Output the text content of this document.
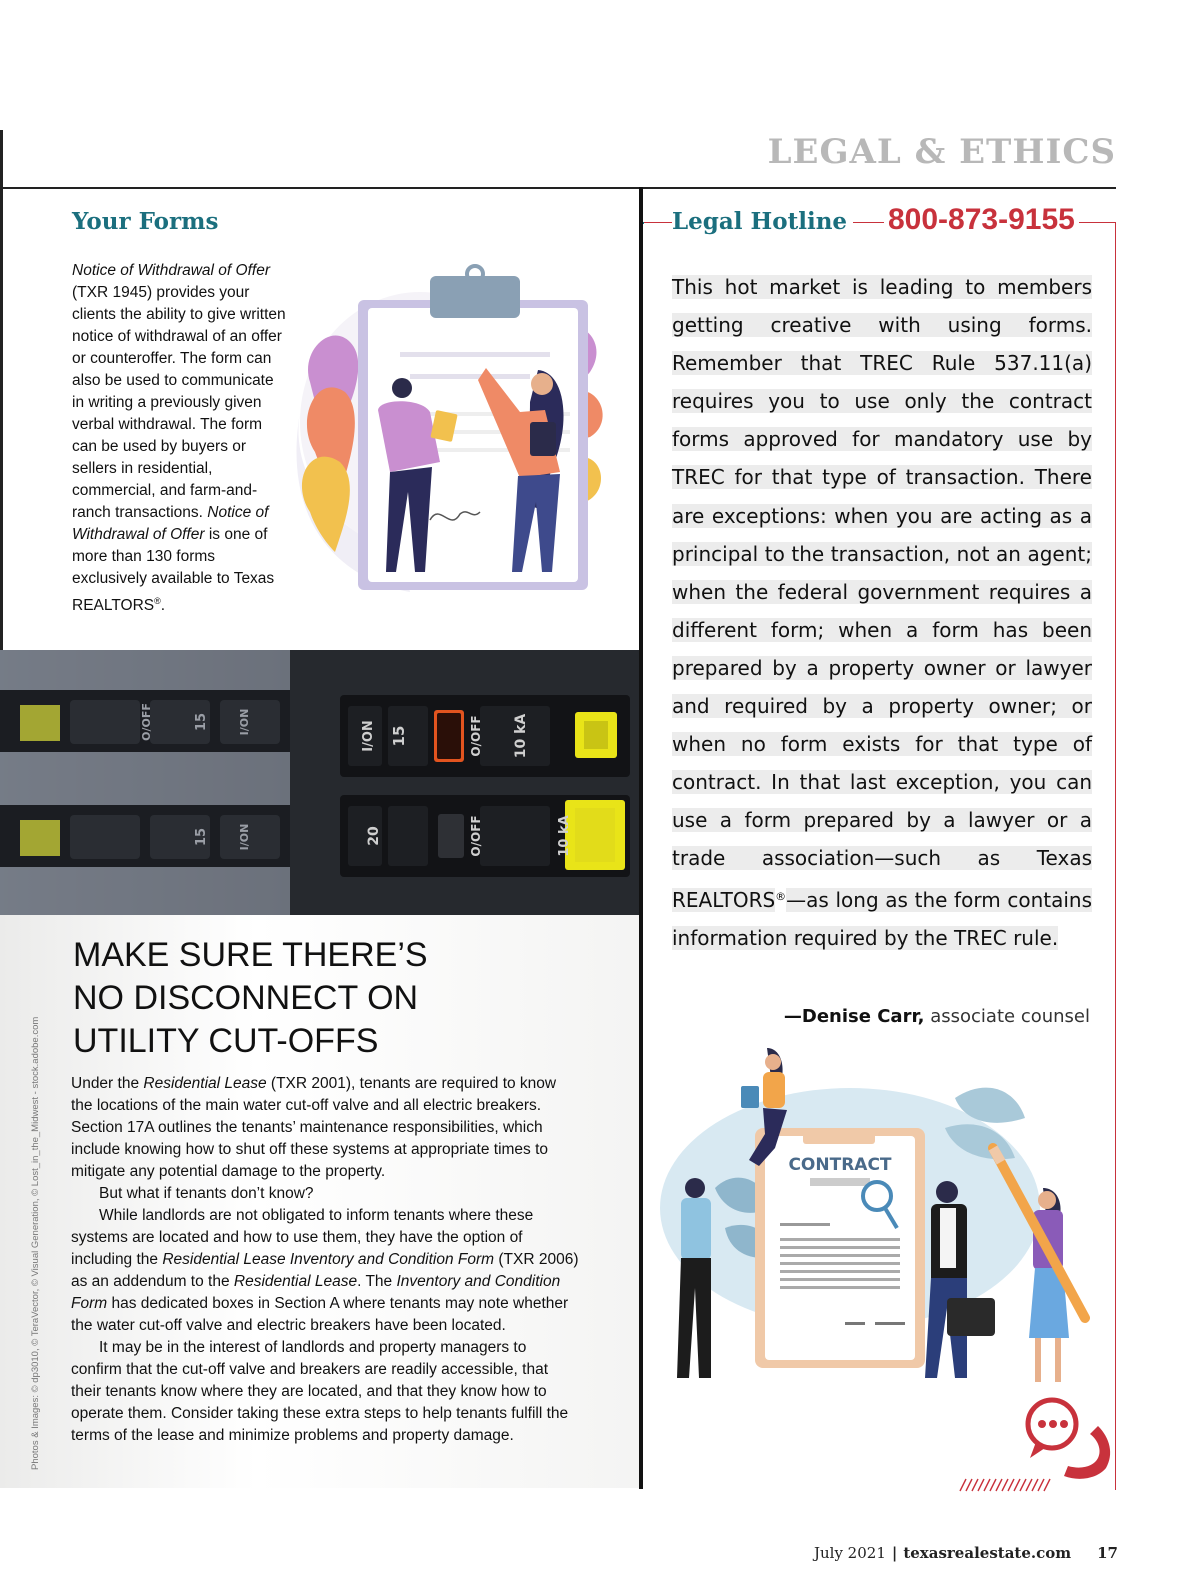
LEGAL & ETHICS
Your Forms
Notice of Withdrawal of Offer (TXR 1945) provides your clients the ability to give written notice of withdrawal of an offer or counteroffer. The form can also be used to communicate in writing a previously given verbal withdrawal. The form can be used by buyers or sellers in residential, commercial, and farm-and-ranch transactions. Notice of Withdrawal of Offer is one of more than 130 forms exclusively available to Texas REALTORS®.
I/ON 15	O/OFF 10 kA
20	O/OFF	10 kA
15
15
I/ON
O/OFF
I/ON
MAKE SURE THERE’S NO DISCONNECT ON UTILITY CUT-OFFS

Under the Residential Lease (TXR 2001), tenants are required to know the locations of the main water cut-off valve and all electric breakers. Section 17A outlines the tenants’ maintenance responsibilities, which include knowing how to shut off these systems at appropriate times to mitigate any potential damage to the property.

But what if tenants don’t know?

While landlords are not obligated to inform tenants where these systems are located and how to use them, they have the option of including the Residential Lease Inventory and Condition Form (TXR 2006) as an addendum to the Residential Lease. The Inventory and Condition Form has dedicated boxes in Section A where tenants may note whether the water cut-off valve and electric breakers have been located.

It may be in the interest of landlords and property managers to confirm that the cut-off valve and breakers are readily accessible, that their tenants know where they are located, and that they know how to operate them. Consider taking these extra steps to help tenants fulfill the terms of the lease and minimize problems and property damage.

Photos & Images: © dp3010, © TeraVector, © Visual Generation, © Lost_in_the_Midwest - stock.adobe.com
Legal Hotline 800-873-9155
This hot market is leading to members getting creative with using forms. Remember that TREC Rule 537.11(a) requires you to use only the contract forms approved for mandatory use by TREC for that type of transaction. There are exceptions: when you are acting as a principal to the transaction, not an agent; when the federal government requires a different form; when a form has been prepared by a property owner or lawyer and required by a property owner; or when no form exists for that type of contract. In that last exception, you can use a form prepared by a lawyer or a trade association—such as Texas REALTORS®—as long as the form contains information required by the TREC rule.
—Denise Carr, associate counsel
CONTRACT
July 2021 | texasrealestate.com 17
